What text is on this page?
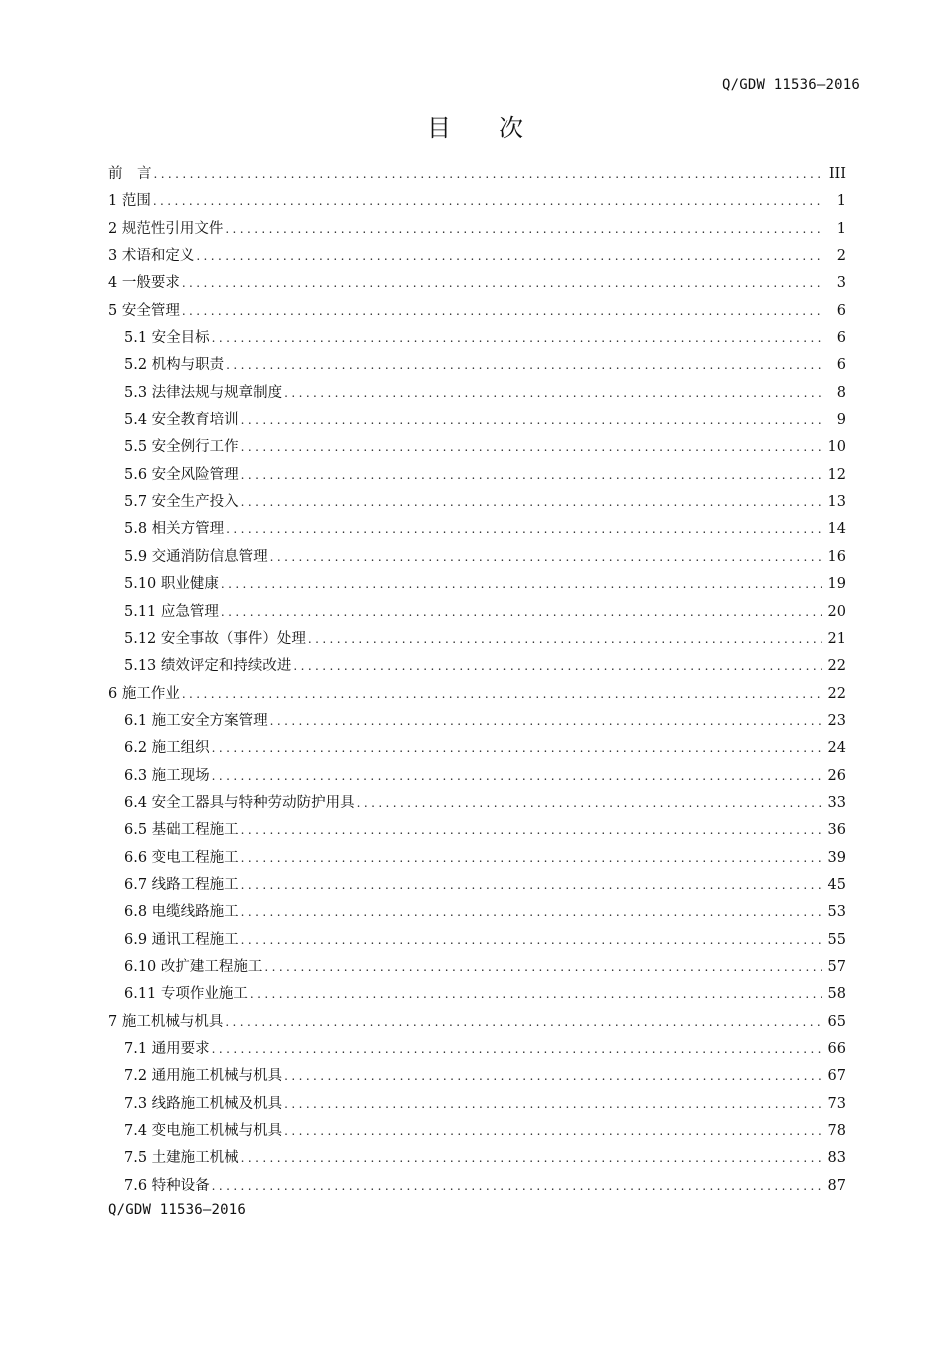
Q/GDW 11536—2016
目 次
前　言 .....	III
1 范围 .....	1
2 规范性引用文件 .....	1
3 术语和定义 .....	2
4 一般要求 .....	3
5 安全管理 .....	6
5.1 安全目标 .....	6
5.2 机构与职责 .....	6
5.3 法律法规与规章制度 .....	8
5.4 安全教育培训 .....	9
5.5 安全例行工作 .....	10
5.6 安全风险管理 .....	12
5.7 安全生产投入 .....	13
5.8 相关方管理 .....	14
5.9 交通消防信息管理 .....	16
5.10 职业健康 .....	19
5.11 应急管理 .....	20
5.12 安全事故（事件）处理 .....	21
5.13 绩效评定和持续改进 .....	22
6 施工作业 .....	22
6.1 施工安全方案管理 .....	23
6.2 施工组织 .....	24
6.3 施工现场 .....	26
6.4 安全工器具与特种劳动防护用具 .....	33
6.5 基础工程施工 .....	36
6.6 变电工程施工 .....	39
6.7 线路工程施工 .....	45
6.8 电缆线路施工 .....	53
6.9 通讯工程施工 .....	55
6.10 改扩建工程施工 .....	57
6.11 专项作业施工 .....	58
7 施工机械与机具 .....	65
7.1 通用要求 .....	66
7.2 通用施工机械与机具 .....	67
7.3 线路施工机械及机具 .....	73
7.4 变电施工机械与机具 .....	78
7.5 土建施工机械 .....	83
7.6 特种设备 .....	87
Q/GDW 11536—2016
